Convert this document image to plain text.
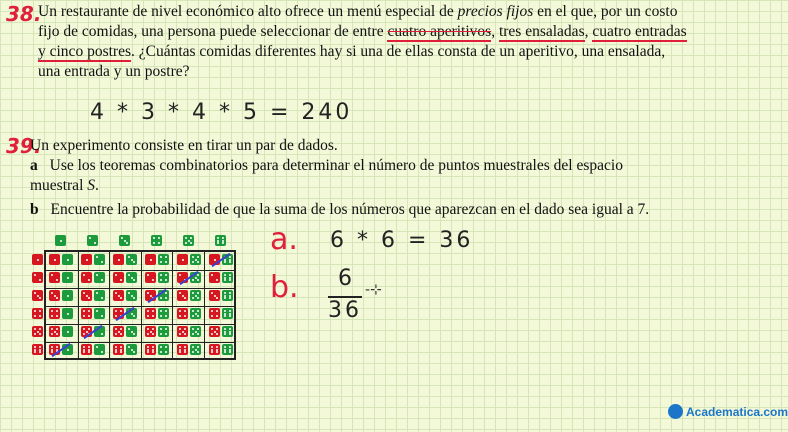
38.
Un restaurante de nivel económico alto ofrece un menú especial de precios fijos en el que, por un costo
fijo de comidas, una persona puede seleccionar de entre cuatro aperitivos, tres ensaladas, cuatro entradas
y cinco postres. ¿Cuántas comidas diferentes hay si una de ellas consta de un aperitivo, una ensalada,
una entrada y un postre?
4 * 3 * 4 * 5 = 240
39.
Un experimento consiste en tirar un par de dados.
a Use los teoremas combinatorios para determinar el número de puntos muestrales del espacio
muestral S.
b Encuentre la probabilidad de que la suma de los números que aparezcan en el dado sea igual a 7.
a. 6 * 6 = 36
b. 6
36
-⊹
Academatica.com
